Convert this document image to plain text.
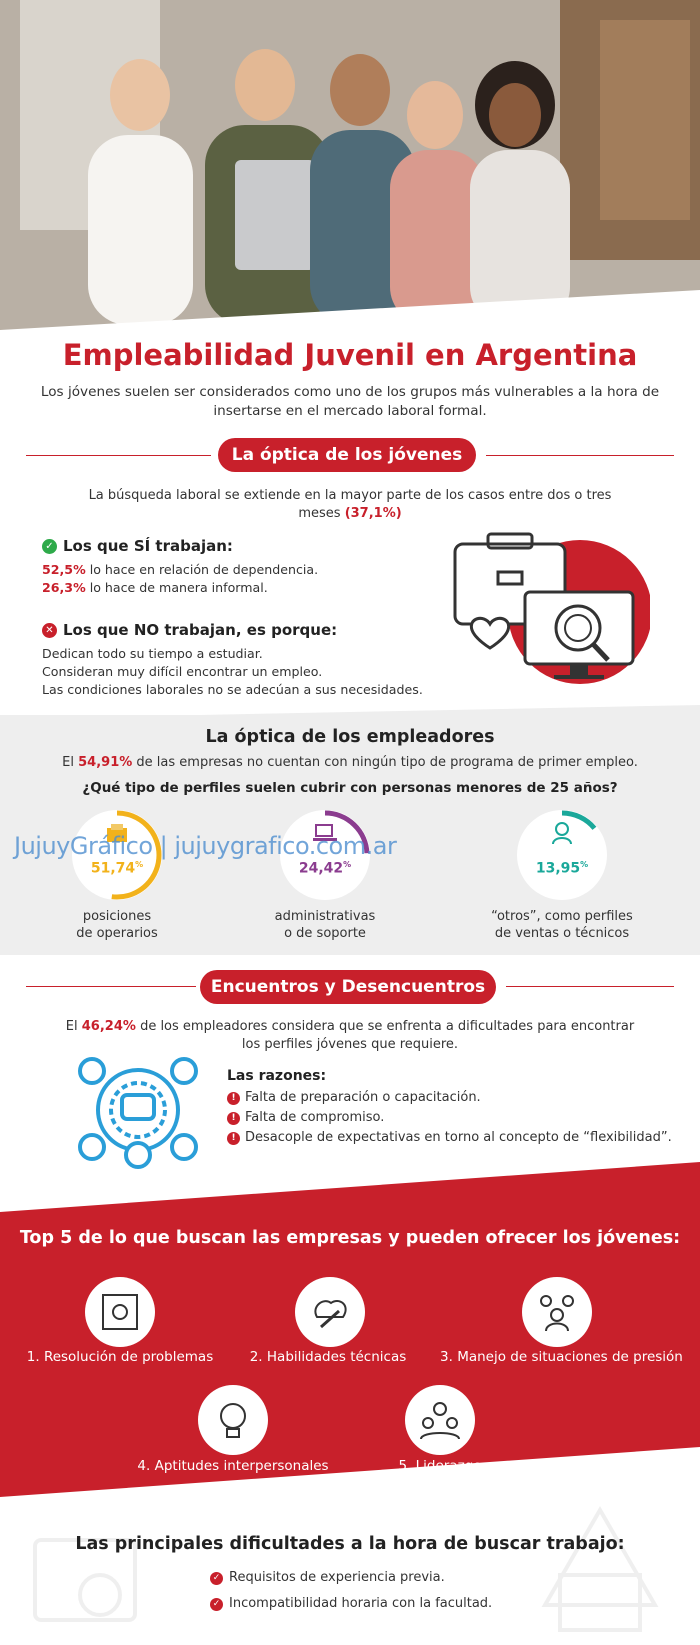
Empleabilidad Juvenil en Argentina

Los jóvenes suelen ser considerados como uno de los grupos más vulnerables a la hora de insertarse en el mercado laboral formal.

La óptica de los jóvenes

La búsqueda laboral se extiende en la mayor parte de los casos entre dos o tres meses (37,1%)

✓ Los que SÍ trabajan:
52,5% lo hace en relación de dependencia.
26,3% lo hace de manera informal.
✕ Los que NO trabajan, es porque:
Dedican todo su tiempo a estudiar.
Consideran muy difícil encontrar un empleo.
Las condiciones laborales no se adecúan a sus necesidades.
La óptica de los empleadores
El 54,91% de las empresas no cuentan con ningún tipo de programa de primer empleo.
¿Qué tipo de perfiles suelen cubrir con personas menores de 25 años?
51,74%
posiciones
de operarios
24,42%
administrativas
o de soporte
13,95%
“otros”, como perfiles
de ventas o técnicos
JujuyGráfico | jujuygrafico.com.ar
Encuentros y Desencuentros
El 46,24% de los empleadores considera que se enfrenta a dificultades para encontrar los perfiles jóvenes que requiere.
Las razones:
! Falta de preparación o capacitación.
! Falta de compromiso.
! Desacople de expectativas en torno al concepto de “flexibilidad”.
Top 5 de lo que buscan las empresas y pueden ofrecer los jóvenes:
1. Resolución de problemas	2. Habilidades técnicas	3. Manejo de situaciones de presión
4. Aptitudes interpersonales	5. Liderazgo
Las principales dificultades a la hora de buscar trabajo:
✓ Requisitos de experiencia previa.
✓ Incompatibilidad horaria con la facultad.
